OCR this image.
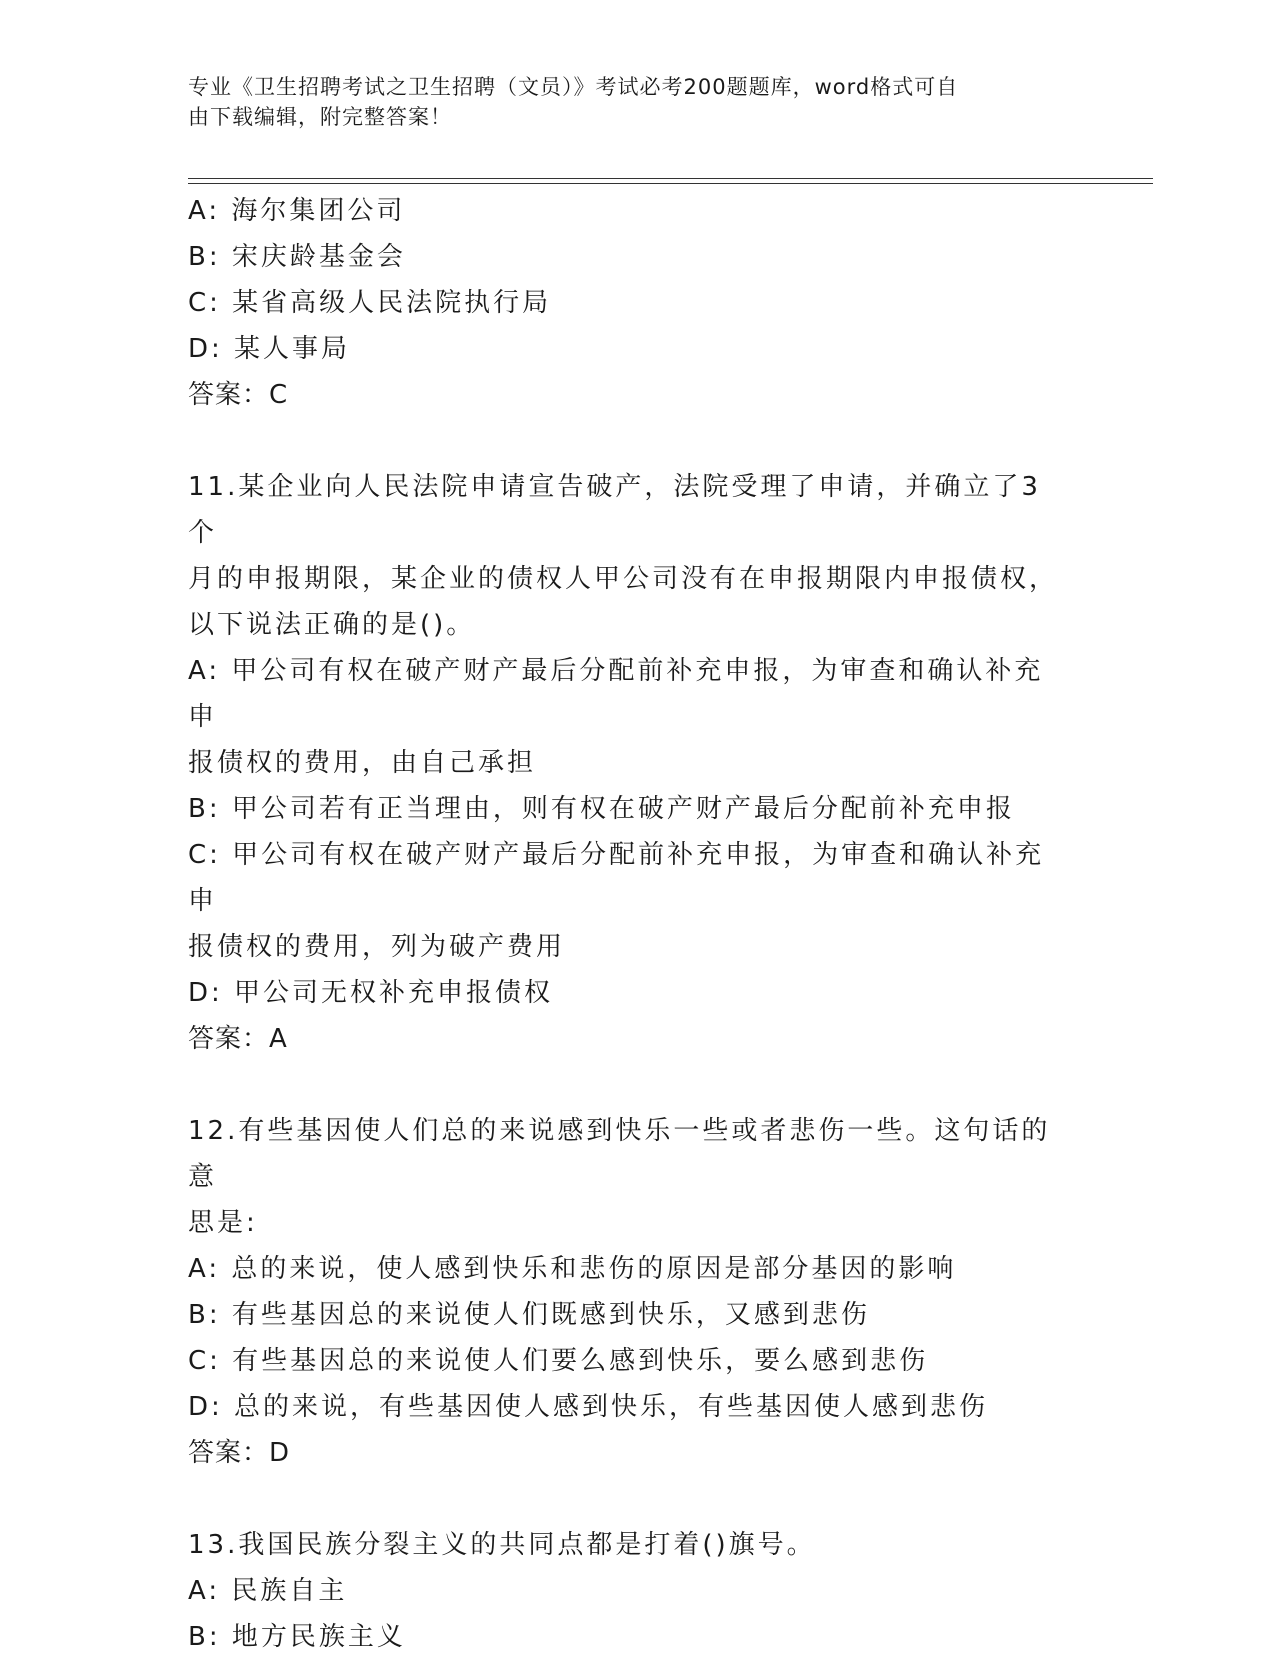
专业《卫生招聘考试之卫生招聘（文员）》考试必考200题题库，word格式可自
由下载编辑，附完整答案！
A: 海尔集团公司
B: 宋庆龄基金会
C: 某省高级人民法院执行局
D: 某人事局
答案：C
11.某企业向人民法院申请宣告破产，法院受理了申请，并确立了3个
月的申报期限，某企业的债权人甲公司没有在申报期限内申报债权，
以下说法正确的是()。
A: 甲公司有权在破产财产最后分配前补充申报，为审查和确认补充申
报债权的费用，由自己承担
B: 甲公司若有正当理由，则有权在破产财产最后分配前补充申报
C: 甲公司有权在破产财产最后分配前补充申报，为审查和确认补充申
报债权的费用，列为破产费用
D: 甲公司无权补充申报债权
答案：A
12.有些基因使人们总的来说感到快乐一些或者悲伤一些。这句话的意
思是:
A: 总的来说，使人感到快乐和悲伤的原因是部分基因的影响
B: 有些基因总的来说使人们既感到快乐，又感到悲伤
C: 有些基因总的来说使人们要么感到快乐，要么感到悲伤
D: 总的来说，有些基因使人感到快乐，有些基因使人感到悲伤
答案：D
13.我国民族分裂主义的共同点都是打着()旗号。
A: 民族自主
B: 地方民族主义
